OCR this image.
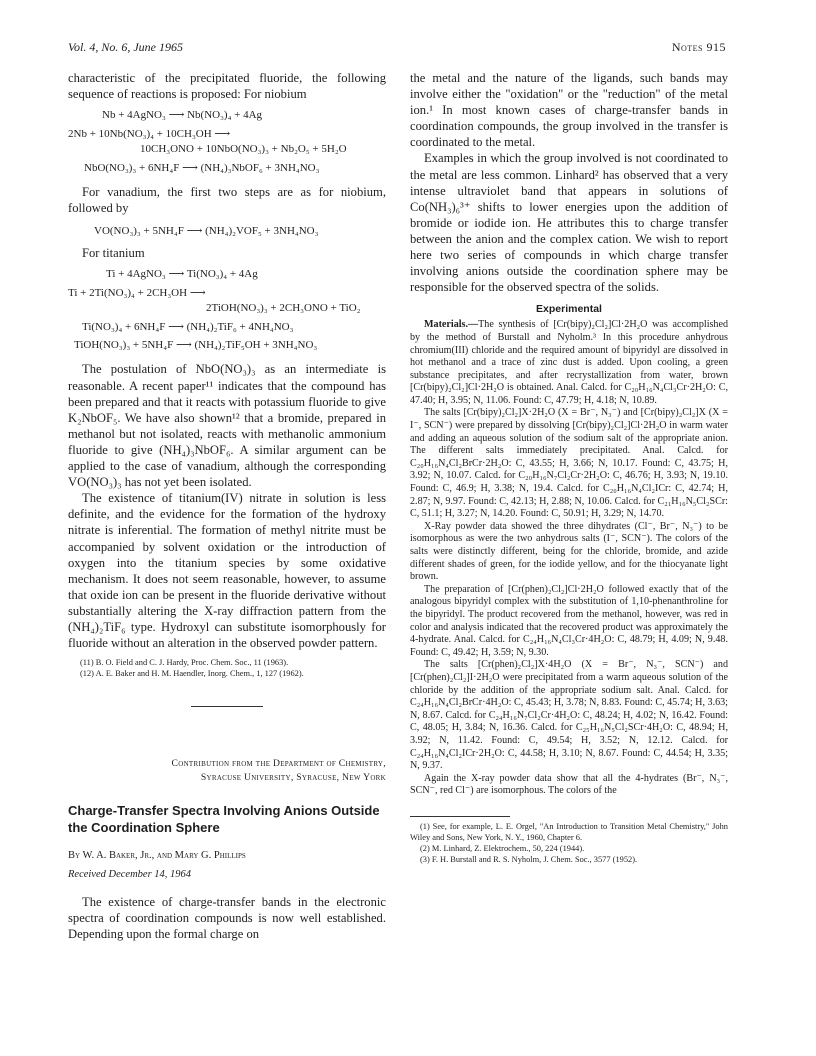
Vol. 4, No. 6, June 1965	Notes 915

characteristic of the precipitated fluoride, the following sequence of reactions is proposed: For niobium

Nb + 4AgNO₃ ⟶ Nb(NO₃)₄ + 4Ag
2Nb + 10Nb(NO₃)₄ + 10CH₃OH ⟶
10CH₃ONO + 10NbO(NO₃)₃ + Nb₂O₅ + 5H₂O
NbO(NO₃)₃ + 6NH₄F ⟶ (NH₄)₃NbOF₆ + 3NH₄NO₃

For vanadium, the first two steps are as for niobium, followed by

VO(NO₃)₃ + 5NH₄F ⟶ (NH₄)₂VOF₅ + 3NH₄NO₃

For titanium

Ti + 4AgNO₃ ⟶ Ti(NO₃)₄ + 4Ag
Ti + 2Ti(NO₃)₄ + 2CH₃OH ⟶
2TiOH(NO₃)₃ + 2CH₃ONO + TiO₂
Ti(NO₃)₄ + 6NH₄F ⟶ (NH₄)₂TiF₆ + 4NH₄NO₃
TiOH(NO₃)₃ + 5NH₄F ⟶ (NH₄)₂TiF₅OH + 3NH₄NO₃

The postulation of NbO(NO₃)₃ as an intermediate is reasonable. A recent paper¹¹ indicates that the compound has been prepared and that it reacts with potassium fluoride to give K₂NbOF₅. We have also shown¹² that a bromide, prepared in methanol but not isolated, reacts with methanolic ammonium fluoride to give (NH₄)₃NbOF₆. A similar argument can be applied to the case of vanadium, although the corresponding VO(NO₃)₃ has not yet been isolated.

The existence of titanium(IV) nitrate in solution is less definite, and the evidence for the formation of the hydroxy nitrate is inferential. The formation of methyl nitrite must be accompanied by solvent oxidation or the introduction of oxygen into the titanium species by some oxidative mechanism. It does not seem reasonable, however, to assume that oxide ion can be present in the fluoride derivative without substantially altering the X-ray diffraction pattern from the (NH₄)₂TiF₆ type. Hydroxyl can substitute isomorphously for fluoride without an alteration in the observed powder pattern.

(11) B. O. Field and C. J. Hardy, Proc. Chem. Soc., 11 (1963).

(12) A. E. Baker and H. M. Haendler, Inorg. Chem., 1, 127 (1962).

Contribution from the Department of Chemistry,

Syracuse University, Syracuse, New York

Charge-Transfer Spectra Involving Anions Outside the Coordination Sphere

By W. A. Baker, Jr., and Mary G. Phillips

Received December 14, 1964

The existence of charge-transfer bands in the electronic spectra of coordination compounds is now well established. Depending upon the formal charge on

the metal and the nature of the ligands, such bands may involve either the "oxidation" or the "reduction" of the metal ion.¹ In most known cases of charge-transfer bands in coordination compounds, the group involved in the transfer is coordinated to the metal.

Examples in which the group involved is not coordinated to the metal are less common. Linhard² has observed that a very intense ultraviolet band that appears in solutions of Co(NH₃)₆³⁺ shifts to lower energies upon the addition of bromide or iodide ion. He attributes this to charge transfer between the anion and the complex cation. We wish to report here two series of compounds in which charge transfer involving anions outside the coordination sphere may be responsible for the observed spectra of the solids.

Experimental

Materials.—The synthesis of [Cr(bipy)₂Cl₂]Cl·2H₂O was accomplished by the method of Burstall and Nyholm.³ In this procedure anhydrous chromium(III) chloride and the required amount of bipyridyl are dissolved in hot methanol and a trace of zinc dust is added. Upon cooling, a green substance precipitates, and after recrystallization from water, brown [Cr(bipy)₂Cl₂]Cl·2H₂O is obtained. Anal. Calcd. for C₂₀H₁₆N₄Cl₃Cr·2H₂O: C, 47.40; H, 3.95; N, 11.06. Found: C, 47.79; H, 4.18; N, 10.89.

The salts [Cr(bipy)₂Cl₂]X·2H₂O (X = Br⁻, N₃⁻) and [Cr(bipy)₂Cl₂]X (X = I⁻, SCN⁻) were prepared by dissolving [Cr(bipy)₂Cl₂]Cl·2H₂O in warm water and adding an aqueous solution of the sodium salt of the appropriate anion. The different salts immediately precipitated. Anal. Calcd. for C₂₀H₁₆N₄Cl₂BrCr·2H₂O: C, 43.55; H, 3.66; N, 10.17. Found: C, 43.75; H, 3.92; N, 10.07. Calcd. for C₂₀H₁₆N₇Cl₂Cr·2H₂O: C, 46.76; H, 3.93; N, 19.10. Found: C, 46.9; H, 3.38; N, 19.4. Calcd. for C₂₀H₁₆N₄Cl₂ICr: C, 42.74; H, 2.87; N, 9.97. Found: C, 42.13; H, 2.88; N, 10.06. Calcd. for C₂₁H₁₆N₅Cl₂SCr: C, 51.1; H, 3.27; N, 14.20. Found: C, 50.91; H, 3.29; N, 14.70.

X-Ray powder data showed the three dihydrates (Cl⁻, Br⁻, N₃⁻) to be isomorphous as were the two anhydrous salts (I⁻, SCN⁻). The colors of the salts were distinctly different, being for the chloride, bromide, and azide different shades of green, for the iodide yellow, and for the thiocyanate light brown.

The preparation of [Cr(phen)₂Cl₂]Cl·2H₂O followed exactly that of the analogous bipyridyl complex with the substitution of 1,10-phenanthroline for the bipyridyl. The product recovered from the methanol, however, was red in color and analysis indicated that the recovered product was approximately the 4-hydrate. Anal. Calcd. for C₂₄H₁₆N₄Cl₃Cr·4H₂O: C, 48.79; H, 4.09; N, 9.48. Found: C, 49.42; H, 3.59; N, 9.30.

The salts [Cr(phen)₂Cl₂]X·4H₂O (X = Br⁻, N₃⁻, SCN⁻) and [Cr(phen)₂Cl₂]I·2H₂O were precipitated from a warm aqueous solution of the chloride by the addition of the appropriate sodium salt. Anal. Calcd. for C₂₄H₁₆N₄Cl₂BrCr·4H₂O: C, 45.43; H, 3.78; N, 8.83. Found: C, 45.74; H, 3.63; N, 8.67. Calcd. for C₂₄H₁₆N₇Cl₂Cr·4H₂O: C, 48.24; H, 4.02; N, 16.42. Found: C, 48.05; H, 3.84; N, 16.36. Calcd. for C₂₅H₁₆N₅Cl₂SCr·4H₂O: C, 48.94; H, 3.92; N, 11.42. Found: C, 49.54; H, 3.52; N, 12.12. Calcd. for C₂₄H₁₆N₄Cl₂ICr·2H₂O: C, 44.58; H, 3.10; N, 8.67. Found: C, 44.54; H, 3.35; N, 9.37.

Again the X-ray powder data show that all the 4-hydrates (Br⁻, N₃⁻, SCN⁻, red Cl⁻) are isomorphous. The colors of the

(1) See, for example, L. E. Orgel, "An Introduction to Transition Metal Chemistry," John Wiley and Sons, New York, N. Y., 1960, Chapter 6.

(2) M. Linhard, Z. Elektrochem., 50, 224 (1944).

(3) F. H. Burstall and R. S. Nyholm, J. Chem. Soc., 3577 (1952).
